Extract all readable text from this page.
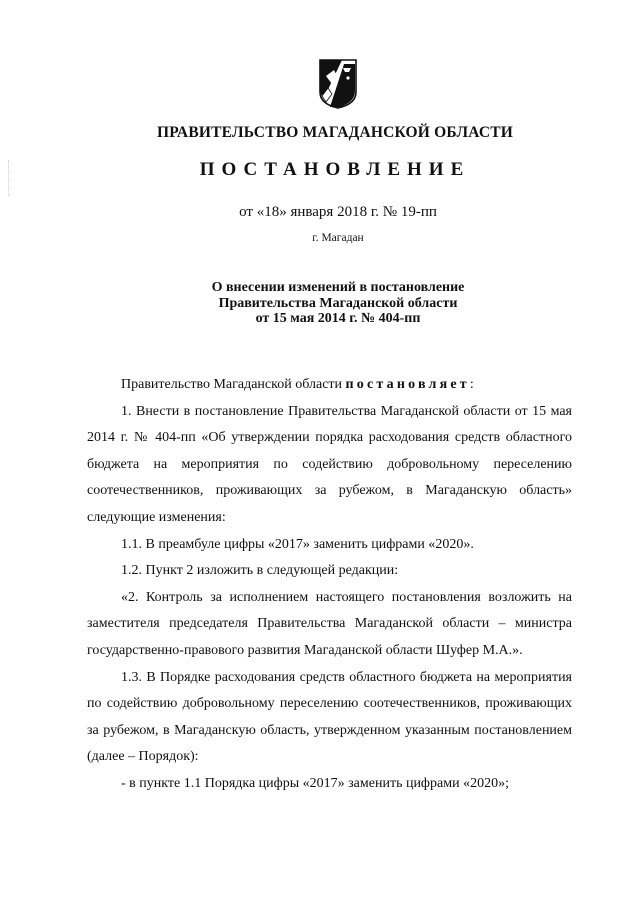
ПРАВИТЕЛЬСТВО МАГАДАНСКОЙ ОБЛАСТИ
ПОСТАНОВЛЕНИЕ
от «18» января 2018 г. № 19-пп
г. Магадан
О внесении изменений в постановление
Правительства Магаданской области
от 15 мая 2014 г. № 404-пп
Правительство Магаданской области постановляет:
1. Внести в постановление Правительства Магаданской области от 15 мая 2014 г. № 404-пп «Об утверждении порядка расходования средств областного бюджета на мероприятия по содействию добровольному переселению соотечественников, проживающих за рубежом, в Магаданскую область» следующие изменения:
1.1. В преамбуле цифры «2017» заменить цифрами «2020».
1.2. Пункт 2 изложить в следующей редакции:
«2. Контроль за исполнением настоящего постановления возложить на заместителя председателя Правительства Магаданской области – министра государственно-правового развития Магаданской области Шуфер М.А.».
1.3. В Порядке расходования средств областного бюджета на мероприятия по содействию добровольному переселению соотечественников, проживающих за рубежом, в Магаданскую область, утвержденном указанным постановлением (далее – Порядок):
- в пункте 1.1 Порядка цифры «2017» заменить цифрами «2020»;
